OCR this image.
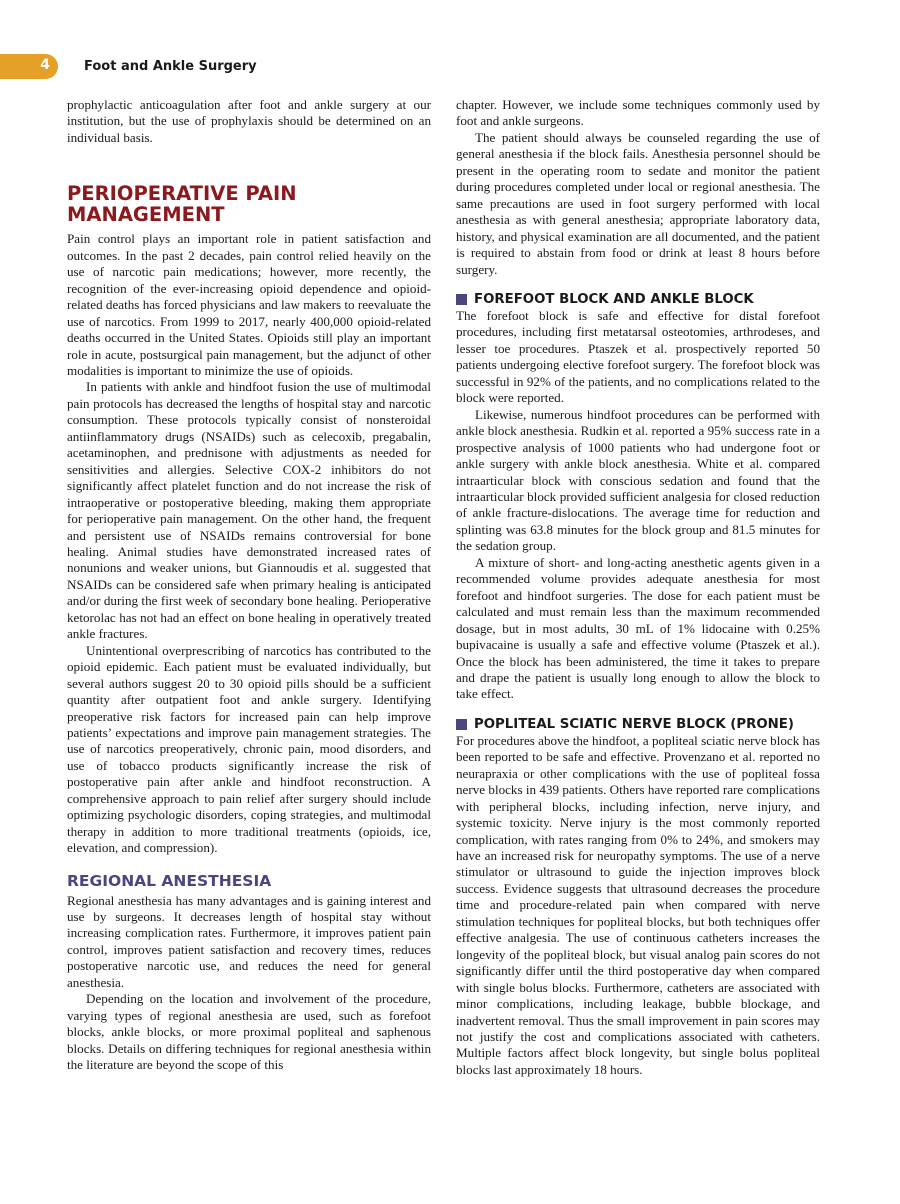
4	Foot and Ankle Surgery

prophylactic anticoagulation after foot and ankle surgery at our institution, but the use of prophylaxis should be determined on an individual basis.

PERIOPERATIVE PAIN MANAGEMENT

Pain control plays an important role in patient satisfaction and outcomes. In the past 2 decades, pain control relied heavily on the use of narcotic pain medications; however, more recently, the recognition of the ever-increasing opioid dependence and opioid-related deaths has forced physicians and law makers to reevaluate the use of narcotics. From 1999 to 2017, nearly 400,000 opioid-related deaths occurred in the United States. Opioids still play an important role in acute, postsurgical pain management, but the adjunct of other modalities is important to minimize the use of opioids.

In patients with ankle and hindfoot fusion the use of multimodal pain protocols has decreased the lengths of hospital stay and narcotic consumption. These protocols typically consist of nonsteroidal antiinflammatory drugs (NSAIDs) such as celecoxib, pregabalin, acetaminophen, and prednisone with adjustments as needed for sensitivities and allergies. Selective COX-2 inhibitors do not significantly affect platelet function and do not increase the risk of intraoperative or postoperative bleeding, making them appropriate for perioperative pain management. On the other hand, the frequent and persistent use of NSAIDs remains controversial for bone healing. Animal studies have demonstrated increased rates of nonunions and weaker unions, but Giannoudis et al. suggested that NSAIDs can be considered safe when primary healing is anticipated and/or during the first week of secondary bone healing. Perioperative ketorolac has not had an effect on bone healing in operatively treated ankle fractures.

Unintentional overprescribing of narcotics has contributed to the opioid epidemic. Each patient must be evaluated individually, but several authors suggest 20 to 30 opioid pills should be a sufficient quantity after outpatient foot and ankle surgery. Identifying preoperative risk factors for increased pain can help improve patients’ expectations and improve pain management strategies. The use of narcotics preoperatively, chronic pain, mood disorders, and use of tobacco products significantly increase the risk of postoperative pain after ankle and hindfoot reconstruction. A comprehensive approach to pain relief after surgery should include optimizing psychologic disorders, coping strategies, and multimodal therapy in addition to more traditional treatments (opioids, ice, elevation, and compression).

REGIONAL ANESTHESIA

Regional anesthesia has many advantages and is gaining interest and use by surgeons. It decreases length of hospital stay without increasing complication rates. Furthermore, it improves patient pain control, improves patient satisfaction and recovery times, reduces postoperative narcotic use, and reduces the need for general anesthesia.

Depending on the location and involvement of the procedure, varying types of regional anesthesia are used, such as forefoot blocks, ankle blocks, or more proximal popliteal and saphenous blocks. Details on differing techniques for regional anesthesia within the literature are beyond the scope of this

chapter. However, we include some techniques commonly used by foot and ankle surgeons.

The patient should always be counseled regarding the use of general anesthesia if the block fails. Anesthesia personnel should be present in the operating room to sedate and monitor the patient during procedures completed under local or regional anesthesia. The same precautions are used in foot surgery performed with local anesthesia as with general anesthesia; appropriate laboratory data, history, and physical examination are all documented, and the patient is required to abstain from food or drink at least 8 hours before surgery.

FOREFOOT BLOCK AND ANKLE BLOCK

The forefoot block is safe and effective for distal forefoot procedures, including first metatarsal osteotomies, arthrodeses, and lesser toe procedures. Ptaszek et al. prospectively reported 50 patients undergoing elective forefoot surgery. The forefoot block was successful in 92% of the patients, and no complications related to the block were reported.

Likewise, numerous hindfoot procedures can be performed with ankle block anesthesia. Rudkin et al. reported a 95% success rate in a prospective analysis of 1000 patients who had undergone foot or ankle surgery with ankle block anesthesia. White et al. compared intraarticular block with conscious sedation and found that the intraarticular block provided sufficient analgesia for closed reduction of ankle fracture-dislocations. The average time for reduction and splinting was 63.8 minutes for the block group and 81.5 minutes for the sedation group.

A mixture of short- and long-acting anesthetic agents given in a recommended volume provides adequate anesthesia for most forefoot and hindfoot surgeries. The dose for each patient must be calculated and must remain less than the maximum recommended dosage, but in most adults, 30 mL of 1% lidocaine with 0.25% bupivacaine is usually a safe and effective volume (Ptaszek et al.). Once the block has been administered, the time it takes to prepare and drape the patient is usually long enough to allow the block to take effect.

POPLITEAL SCIATIC NERVE BLOCK (PRONE)

For procedures above the hindfoot, a popliteal sciatic nerve block has been reported to be safe and effective. Provenzano et al. reported no neurapraxia or other complications with the use of popliteal fossa nerve blocks in 439 patients. Others have reported rare complications with peripheral blocks, including infection, nerve injury, and systemic toxicity. Nerve injury is the most commonly reported complication, with rates ranging from 0% to 24%, and smokers may have an increased risk for neuropathy symptoms. The use of a nerve stimulator or ultrasound to guide the injection improves block success. Evidence suggests that ultrasound decreases the procedure time and procedure-related pain when compared with nerve stimulation techniques for popliteal blocks, but both techniques offer effective analgesia. The use of continuous catheters increases the longevity of the popliteal block, but visual analog pain scores do not significantly differ until the third postoperative day when compared with single bolus blocks. Furthermore, catheters are associated with minor complications, including leakage, bubble blockage, and inadvertent removal. Thus the small improvement in pain scores may not justify the cost and complications associated with catheters. Multiple factors affect block longevity, but single bolus popliteal blocks last approximately 18 hours.
